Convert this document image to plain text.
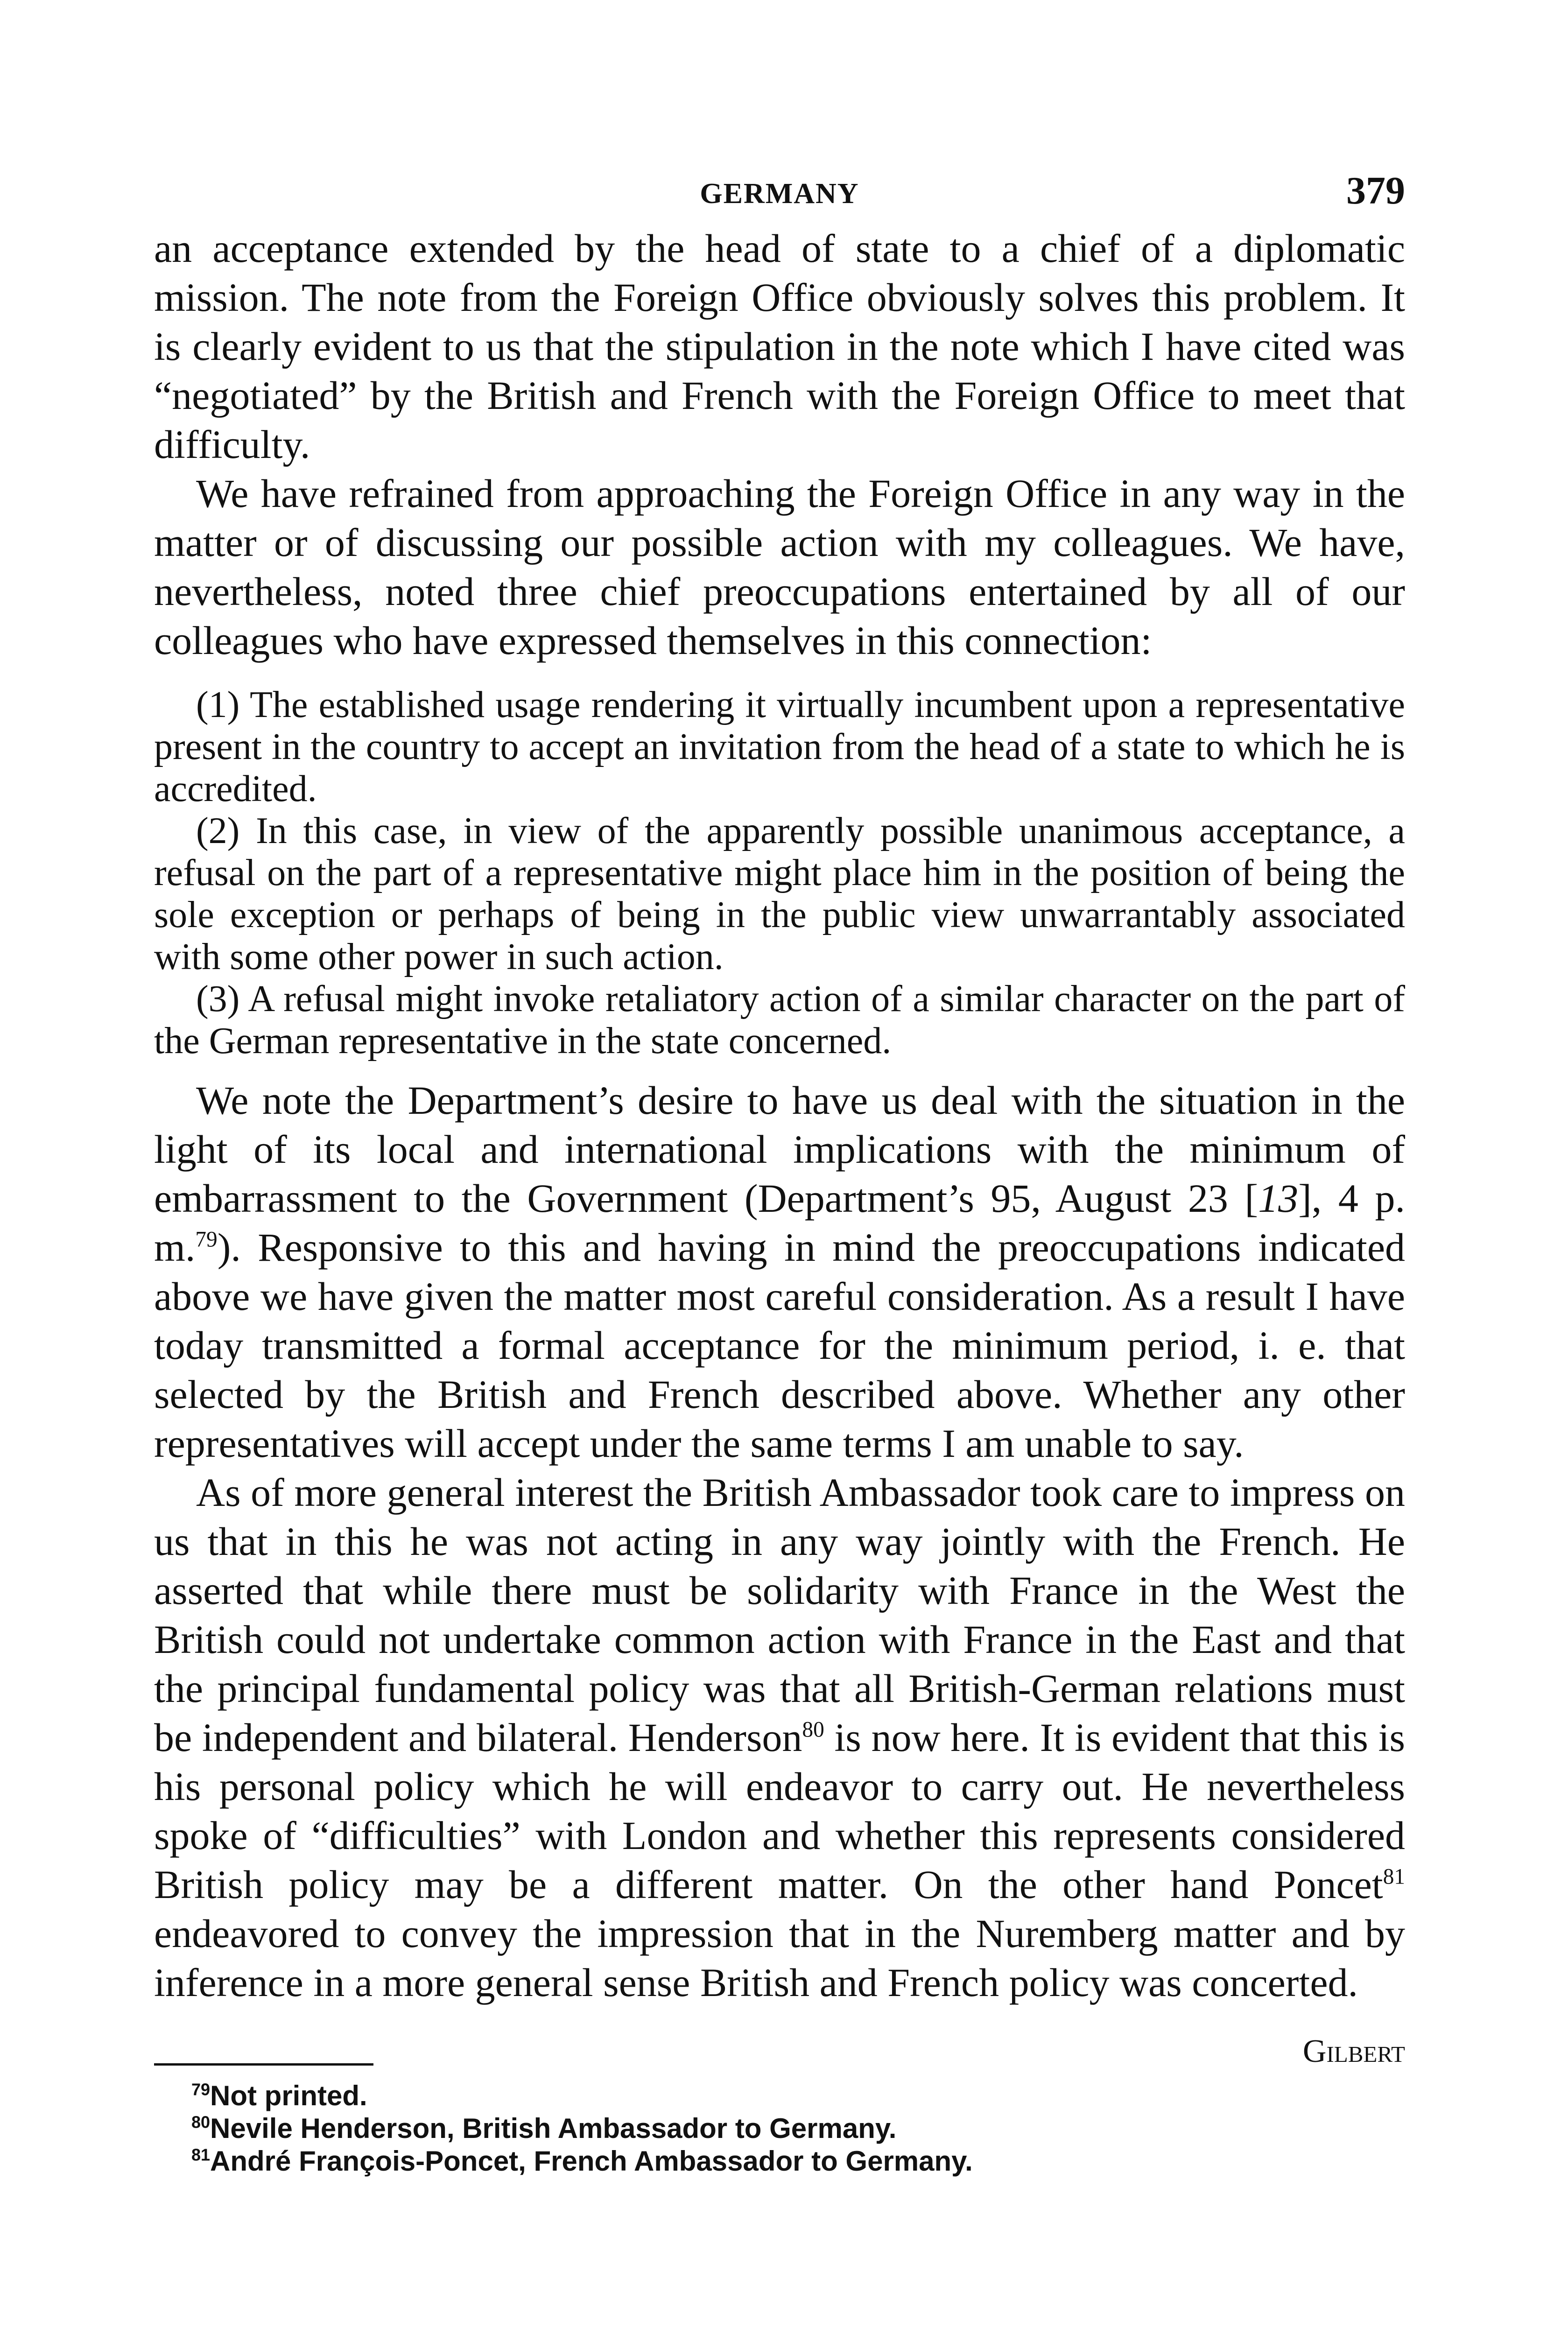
GERMANY	379

an acceptance extended by the head of state to a chief of a diplomatic mission. The note from the Foreign Office obviously solves this problem. It is clearly evident to us that the stipulation in the note which I have cited was “negotiated” by the British and French with the Foreign Office to meet that difficulty.

We have refrained from approaching the Foreign Office in any way in the matter or of discussing our possible action with my colleagues. We have, nevertheless, noted three chief preoccupations entertained by all of our colleagues who have expressed themselves in this connection:

(1) The established usage rendering it virtually incumbent upon a representative present in the country to accept an invitation from the head of a state to which he is accredited.

(2) In this case, in view of the apparently possible unanimous acceptance, a refusal on the part of a representative might place him in the position of being the sole exception or perhaps of being in the public view unwarrantably associated with some other power in such action.

(3) A refusal might invoke retaliatory action of a similar character on the part of the German representative in the state concerned.

We note the Department’s desire to have us deal with the situation in the light of its local and international implications with the minimum of embarrassment to the Government (Department’s 95, August 23 [13], 4 p. m.$^{79}$). Responsive to this and having in mind the preoccupations indicated above we have given the matter most careful consideration. As a result I have today transmitted a formal acceptance for the minimum period, i. e. that selected by the British and French described above. Whether any other representatives will accept under the same terms I am unable to say.

As of more general interest the British Ambassador took care to impress on us that in this he was not acting in any way jointly with the French. He asserted that while there must be solidarity with France in the West the British could not undertake common action with France in the East and that the principal fundamental policy was that all British-German relations must be independent and bilateral. Henderson$^{80}$ is now here. It is evident that this is his personal policy which he will endeavor to carry out. He nevertheless spoke of “difficulties” with London and whether this represents considered British policy may be a different matter. On the other hand Poncet$^{81}$ endeavored to convey the impression that in the Nuremberg matter and by inference in a more general sense British and French policy was concerted.

Gilbert

$^{79}$Not printed.

$^{80}$Nevile Henderson, British Ambassador to Germany.

$^{81}$André François-Poncet, French Ambassador to Germany.
